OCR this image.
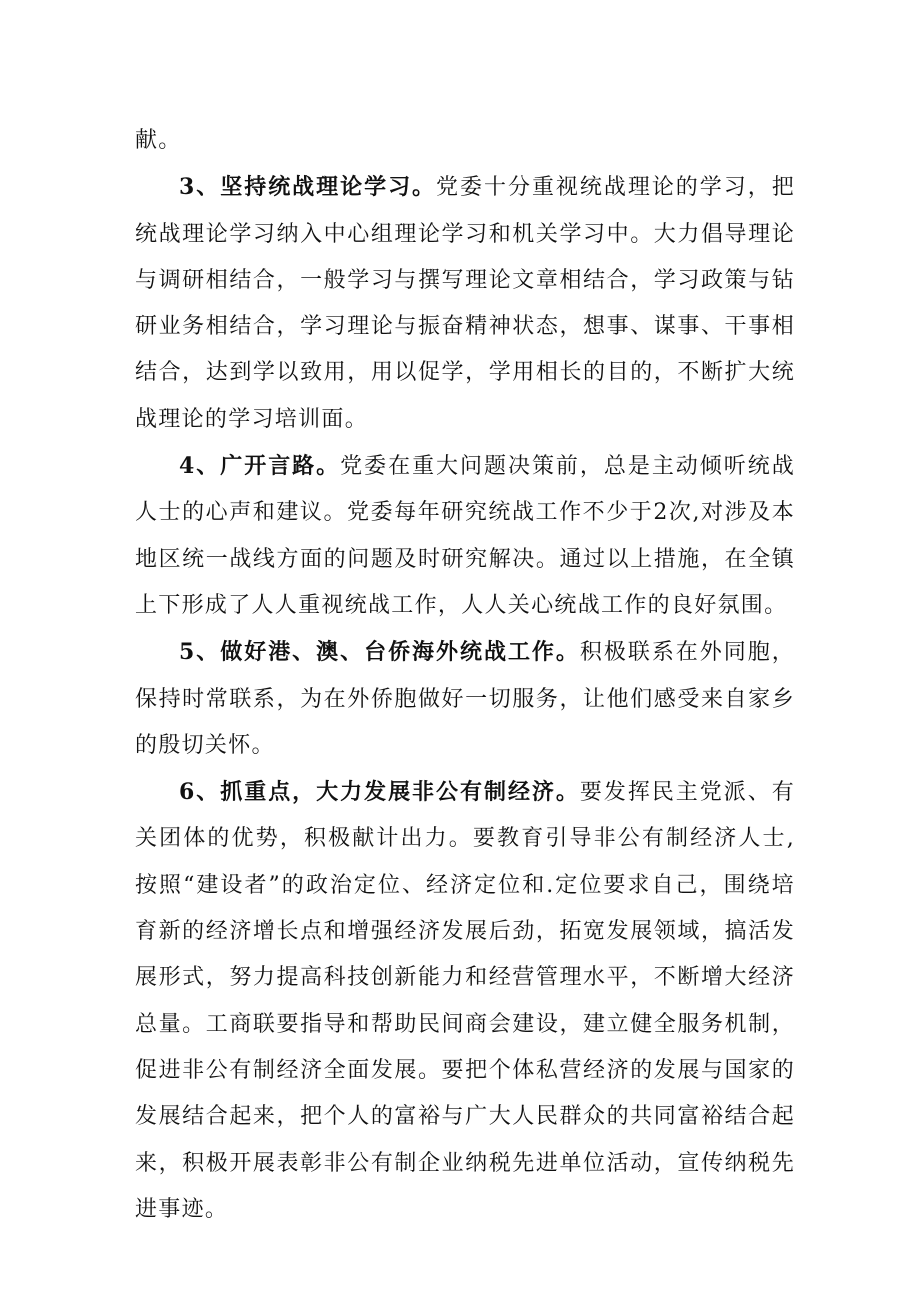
献。

3、坚持统战理论学习。党委十分重视统战理论的学习，把统战理论学习纳入中心组理论学习和机关学习中。大力倡导理论与调研相结合，一般学习与撰写理论文章相结合，学习政策与钻研业务相结合，学习理论与振奋精神状态，想事、谋事、干事相结合，达到学以致用，用以促学，学用相长的目的，不断扩大统战理论的学习培训面。

4、广开言路。党委在重大问题决策前，总是主动倾听统战人士的心声和建议。党委每年研究统战工作不少于2次,对涉及本地区统一战线方面的问题及时研究解决。通过以上措施，在全镇上下形成了人人重视统战工作，人人关心统战工作的良好氛围。

5、做好港、澳、台侨海外统战工作。积极联系在外同胞，保持时常联系，为在外侨胞做好一切服务，让他们感受来自家乡的殷切关怀。

6、抓重点，大力发展非公有制经济。要发挥民主党派、有关团体的优势，积极献计出力。要教育引导非公有制经济人士,按照“建设者”的政治定位、经济定位和.定位要求自己，围绕培育新的经济增长点和增强经济发展后劲，拓宽发展领域，搞活发展形式，努力提高科技创新能力和经营管理水平，不断增大经济总量。工商联要指导和帮助民间商会建设，建立健全服务机制，促进非公有制经济全面发展。要把个体私营经济的发展与国家的发展结合起来，把个人的富裕与广大人民群众的共同富裕结合起来，积极开展表彰非公有制企业纳税先进单位活动，宣传纳税先进事迹。
